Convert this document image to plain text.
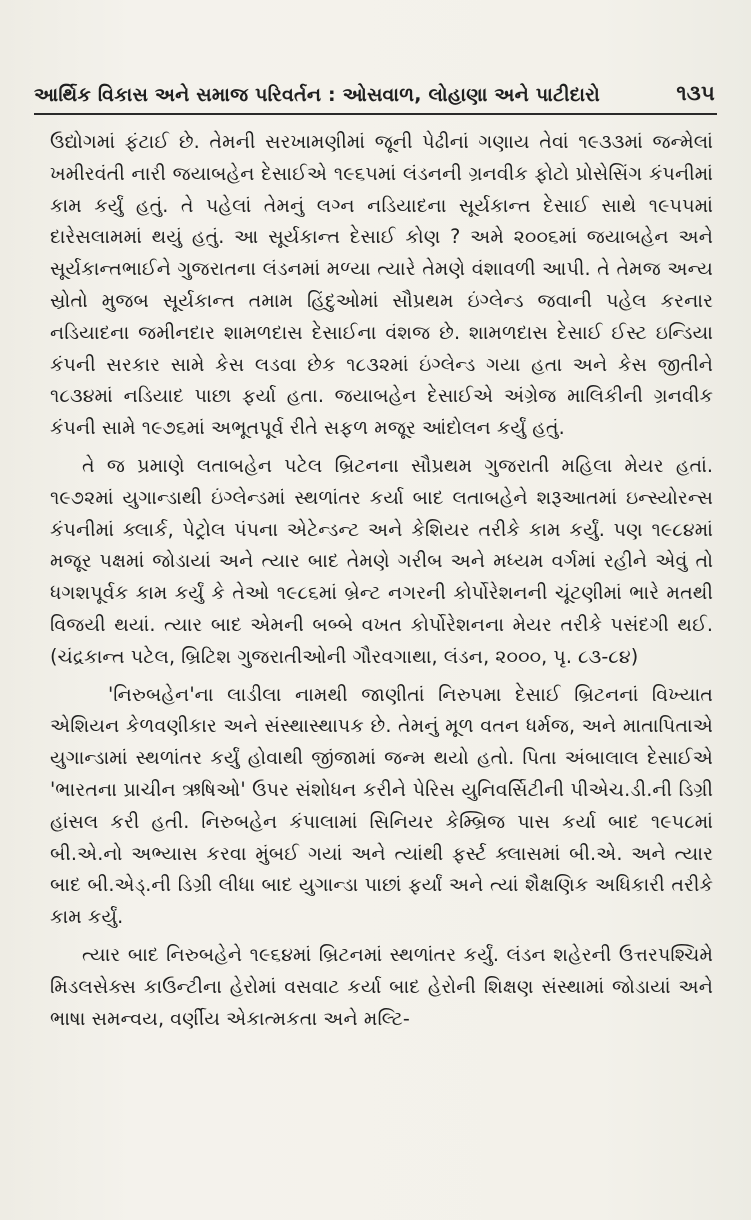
આર્થિક વિકાસ અને સમાજ પરિવર્તન : ઓસવાળ, લોહાણા અને પાટીદારો	૧૩૫

ઉદ્યોગમાં ફંટાઈ છે. તેમની સરખામણીમાં જૂની પેઢીનાં ગણાય તેવાં ૧૯૩૩માં જન્મેલાં ખમીરવંતી નારી જયાબહેન દેસાઈએ ૧૯૬૫માં લંડનની ગ્રનવીક ફોટો પ્રોસેસિંગ કંપનીમાં કામ કર્યું હતું. તે પહેલાં તેમનું લગ્ન નડિયાદના સૂર્યકાન્ત દેસાઈ સાથે ૧૯૫૫માં દારેસલામમાં થયું હતું. આ સૂર્યકાન્ત દેસાઈ કોણ ? અમે ૨૦૦૬માં જયાબહેન અને સૂર્યકાન્તભાઈને ગુજરાતના લંડનમાં મળ્યા ત્યારે તેમણે વંશાવળી આપી. તે તેમજ અન્ય સ્રોતો મુજબ સૂર્યકાન્ત તમામ હિંદુઓમાં સૌપ્રથમ ઇંગ્લેન્ડ જવાની પહેલ કરનાર નડિયાદના જમીનદાર શામળદાસ દેસાઈના વંશજ છે. શામળદાસ દેસાઈ ઈસ્ટ ઇન્ડિયા કંપની સરકાર સામે કેસ લડવા છેક ૧૮૩૨માં ઇંગ્લેન્ડ ગયા હતા અને કેસ જીતીને ૧૮૩૪માં નડિયાદ પાછા ફર્યા હતા. જયાબહેન દેસાઈએ અંગ્રેજ માલિકીની ગ્રનવીક કંપની સામે ૧૯૭૬માં અભૂતપૂર્વ રીતે સફળ મજૂર આંદોલન કર્યું હતું.

તે જ પ્રમાણે લતાબહેન પટેલ બ્રિટનના સૌપ્રથમ ગુજરાતી મહિલા મેયર હતાં. ૧૯૭૨માં યુગાન્ડાથી ઇંગ્લેન્ડમાં સ્થળાંતર કર્યા બાદ લતાબહેને શરૂઆતમાં ઇન્સ્યોરન્સ કંપનીમાં ક્લાર્ક, પેટ્રોલ પંપના એટેન્ડન્ટ અને કેશિયર તરીકે કામ કર્યું. પણ ૧૯૮૪માં મજૂર પક્ષમાં જોડાયાં અને ત્યાર બાદ તેમણે ગરીબ અને મધ્યમ વર્ગમાં રહીને એવું તો ધગશપૂર્વક કામ કર્યું કે તેઓ ૧૯૮૬માં બ્રેન્ટ નગરની કોર્પોરેશનની ચૂંટણીમાં ભારે મતથી વિજયી થયાં. ત્યાર બાદ એમની બબ્બે વખત કોર્પોરેશનના મેયર તરીકે પસંદગી થઈ. (ચંદ્રકાન્ત પટેલ, બ્રિટિશ ગુજરાતીઓની ગૌરવગાથા, લંડન, ૨૦૦૦, પૃ. ૮૩-૮૪)

'નિરુબહેન'ના લાડીલા નામથી જાણીતાં નિરુપમા દેસાઈ બ્રિટનનાં વિખ્યાત એશિયન કેળવણીકાર અને સંસ્થાસ્થાપક છે. તેમનું મૂળ વતન ધર્મજ, અને માતાપિતાએ યુગાન્ડામાં સ્થળાંતર કર્યું હોવાથી જીંજામાં જન્મ થયો હતો. પિતા અંબાલાલ દેસાઈએ 'ભારતના પ્રાચીન ઋષિઓ' ઉપર સંશોધન કરીને પેરિસ યુનિવર્સિટીની પીએચ.ડી.ની ડિગ્રી હાંસલ કરી હતી. નિરુબહેન કંપાલામાં સિનિયર કેમ્બ્રિજ પાસ કર્યા બાદ ૧૯૫૮માં બી.એ.નો અભ્યાસ કરવા મુંબઈ ગયાં અને ત્યાંથી ફર્સ્ટ ક્લાસમાં બી.એ. અને ત્યાર બાદ બી.એડ્.ની ડિગ્રી લીધા બાદ યુગાન્ડા પાછાં ફર્યાં અને ત્યાં શૈક્ષણિક અધિકારી તરીકે કામ કર્યું.

ત્યાર બાદ નિરુબહેને ૧૯૬૪માં બ્રિટનમાં સ્થળાંતર કર્યું. લંડન શહેરની ઉત્તરપશ્ચિમે મિડલસેક્સ કાઉન્ટીના હેરોમાં વસવાટ કર્યા બાદ હેરોની શિક્ષણ સંસ્થામાં જોડાયાં અને ભાષા સમન્વય, વર્ણીય એકાત્મકતા અને મલ્ટિ-
